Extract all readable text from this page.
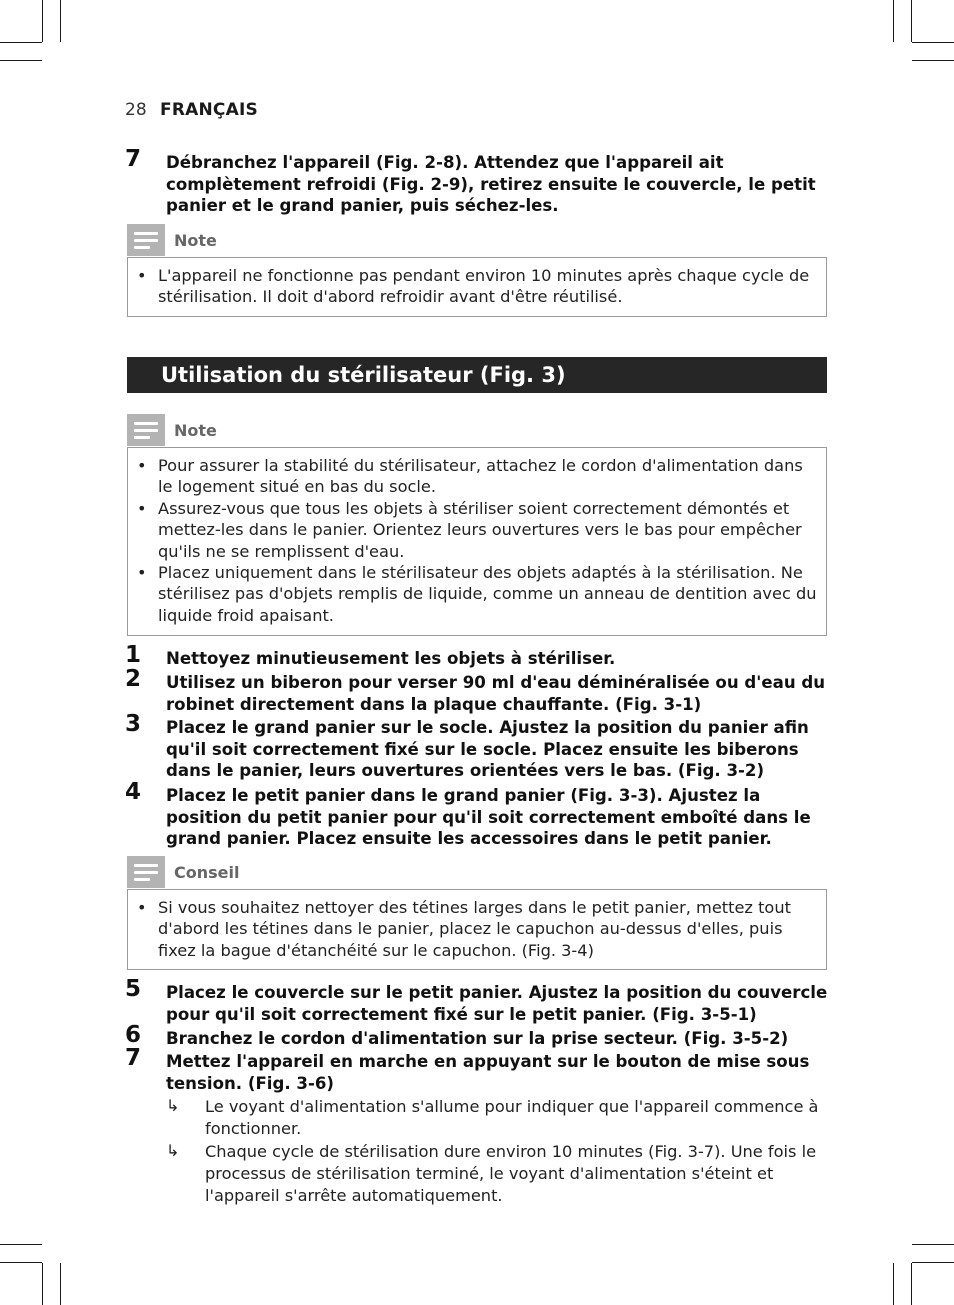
28 FRANÇAIS
7 Débranchez l'appareil (Fig. 2-8). Attendez que l'appareil ait complètement refroidi (Fig. 2-9), retirez ensuite le couvercle, le petit panier et le grand panier, puis séchez-les.
Note
• L'appareil ne fonctionne pas pendant environ 10 minutes après chaque cycle de stérilisation. Il doit d'abord refroidir avant d'être réutilisé.
Utilisation du stérilisateur (Fig. 3)
Note
• Pour assurer la stabilité du stérilisateur, attachez le cordon d'alimentation dans le logement situé en bas du socle.
• Assurez-vous que tous les objets à stériliser soient correctement démontés et mettez-les dans le panier. Orientez leurs ouvertures vers le bas pour empêcher qu'ils ne se remplissent d'eau.
• Placez uniquement dans le stérilisateur des objets adaptés à la stérilisation. Ne stérilisez pas d'objets remplis de liquide, comme un anneau de dentition avec du liquide froid apaisant.
1 Nettoyez minutieusement les objets à stériliser.
2 Utilisez un biberon pour verser 90 ml d'eau déminéralisée ou d'eau du robinet directement dans la plaque chauffante. (Fig. 3-1)
3 Placez le grand panier sur le socle. Ajustez la position du panier afin qu'il soit correctement fixé sur le socle. Placez ensuite les biberons dans le panier, leurs ouvertures orientées vers le bas. (Fig. 3-2)
4 Placez le petit panier dans le grand panier (Fig. 3-3). Ajustez la position du petit panier pour qu'il soit correctement emboîté dans le grand panier. Placez ensuite les accessoires dans le petit panier.
Conseil
• Si vous souhaitez nettoyer des tétines larges dans le petit panier, mettez tout d'abord les tétines dans le panier, placez le capuchon au-dessus d'elles, puis fixez la bague d'étanchéité sur le capuchon. (Fig. 3-4)
5 Placez le couvercle sur le petit panier. Ajustez la position du couvercle pour qu'il soit correctement fixé sur le petit panier. (Fig. 3-5-1)
6 Branchez le cordon d'alimentation sur la prise secteur. (Fig. 3-5-2)
7 Mettez l'appareil en marche en appuyant sur le bouton de mise sous tension. (Fig. 3-6)
↳ Le voyant d'alimentation s'allume pour indiquer que l'appareil commence à fonctionner.
↳ Chaque cycle de stérilisation dure environ 10 minutes (Fig. 3-7). Une fois le processus de stérilisation terminé, le voyant d'alimentation s'éteint et l'appareil s'arrête automatiquement.
